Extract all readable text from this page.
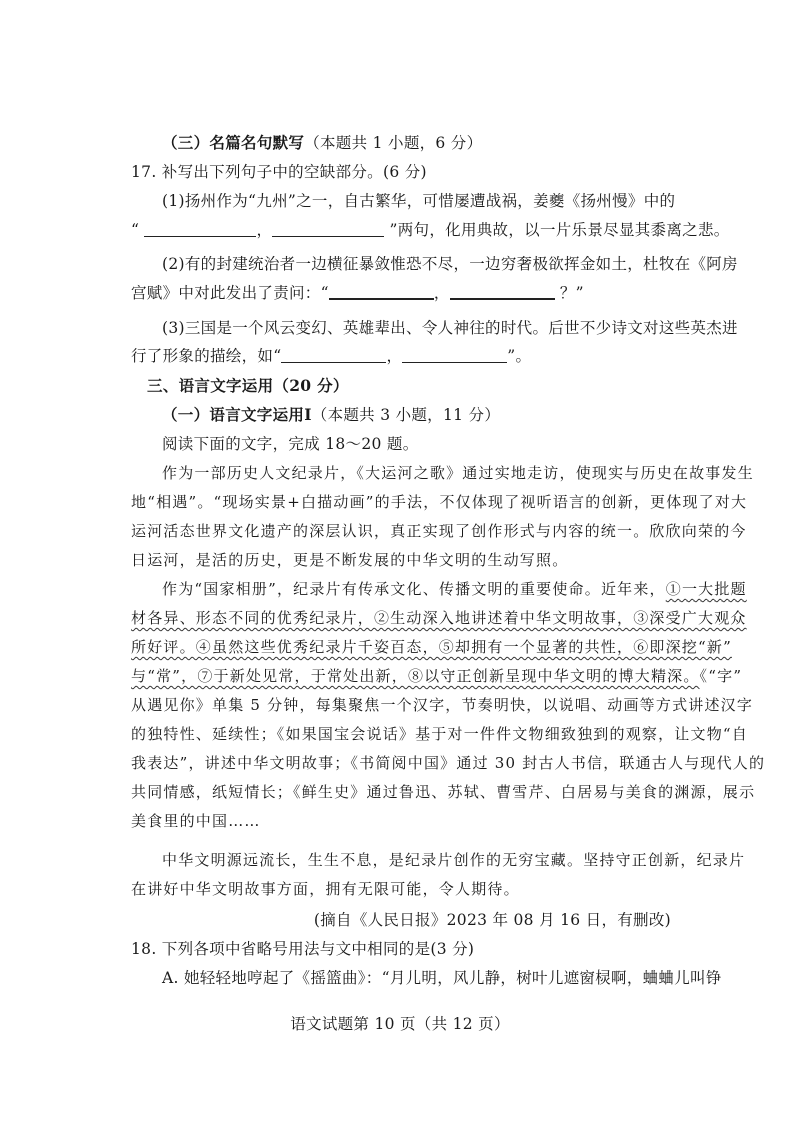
（三）名篇名句默写（本题共 1 小题，6 分）
17. 补写出下列句子中的空缺部分。(6 分)
(1)扬州作为“九州”之一，自古繁华，可惜屡遭战祸，姜夔《扬州慢》中的
“	，	”两句，化用典故，以一片乐景尽显其黍离之悲。
(2)有的封建统治者一边横征暴敛惟恐不尽，一边穷奢极欲挥金如土，杜牧在《阿房
宫赋》中对此发出了责问：“	，	？”
(3)三国是一个风云变幻、英雄辈出、令人神往的时代。后世不少诗文对这些英杰进
行了形象的描绘，如“	，	”。
三、语言文字运用（20 分）
（一）语言文字运用Ⅰ（本题共 3 小题，11 分）
阅读下面的文字，完成 18～20 题。
作为一部历史人文纪录片，《大运河之歌》通过实地走访，使现实与历史在故事发生
地“相遇”。“现场实景+白描动画”的手法，不仅体现了视听语言的创新，更体现了对大
运河活态世界文化遗产的深层认识，真正实现了创作形式与内容的统一。欣欣向荣的今
日运河，是活的历史，更是不断发展的中华文明的生动写照。
作为“国家相册”，纪录片有传承文化、传播文明的重要使命。近年来，①一大批题
材各异、形态不同的优秀纪录片，②生动深入地讲述着中华文明故事，③深受广大观众
所好评。④虽然这些优秀纪录片千姿百态，⑤却拥有一个显著的共性，⑥即深挖“新”
与“常”，⑦于新处见常，于常处出新，⑧以守正创新呈现中华文明的博大精深。《“字”
从遇见你》单集 5 分钟，每集聚焦一个汉字，节奏明快，以说唱、动画等方式讲述汉字
的独特性、延续性；《如果国宝会说话》基于对一件件文物细致独到的观察，让文物“自
我表达”，讲述中华文明故事；《书简阅中国》通过 30 封古人书信，联通古人与现代人的
共同情感，纸短情长；《鲜生史》通过鲁迅、苏轼、曹雪芹、白居易与美食的渊源，展示
美食里的中国……
中华文明源远流长，生生不息，是纪录片创作的无穷宝藏。坚持守正创新，纪录片
在讲好中华文明故事方面，拥有无限可能，令人期待。
(摘自《人民日报》2023 年 08 月 16 日，有删改)
18. 下列各项中省略号用法与文中相同的是(3 分)
A. 她轻轻地哼起了《摇篮曲》：“月儿明，风儿静，树叶儿遮窗棂啊，蛐蛐儿叫铮
语文试题第 10 页（共 12 页）
